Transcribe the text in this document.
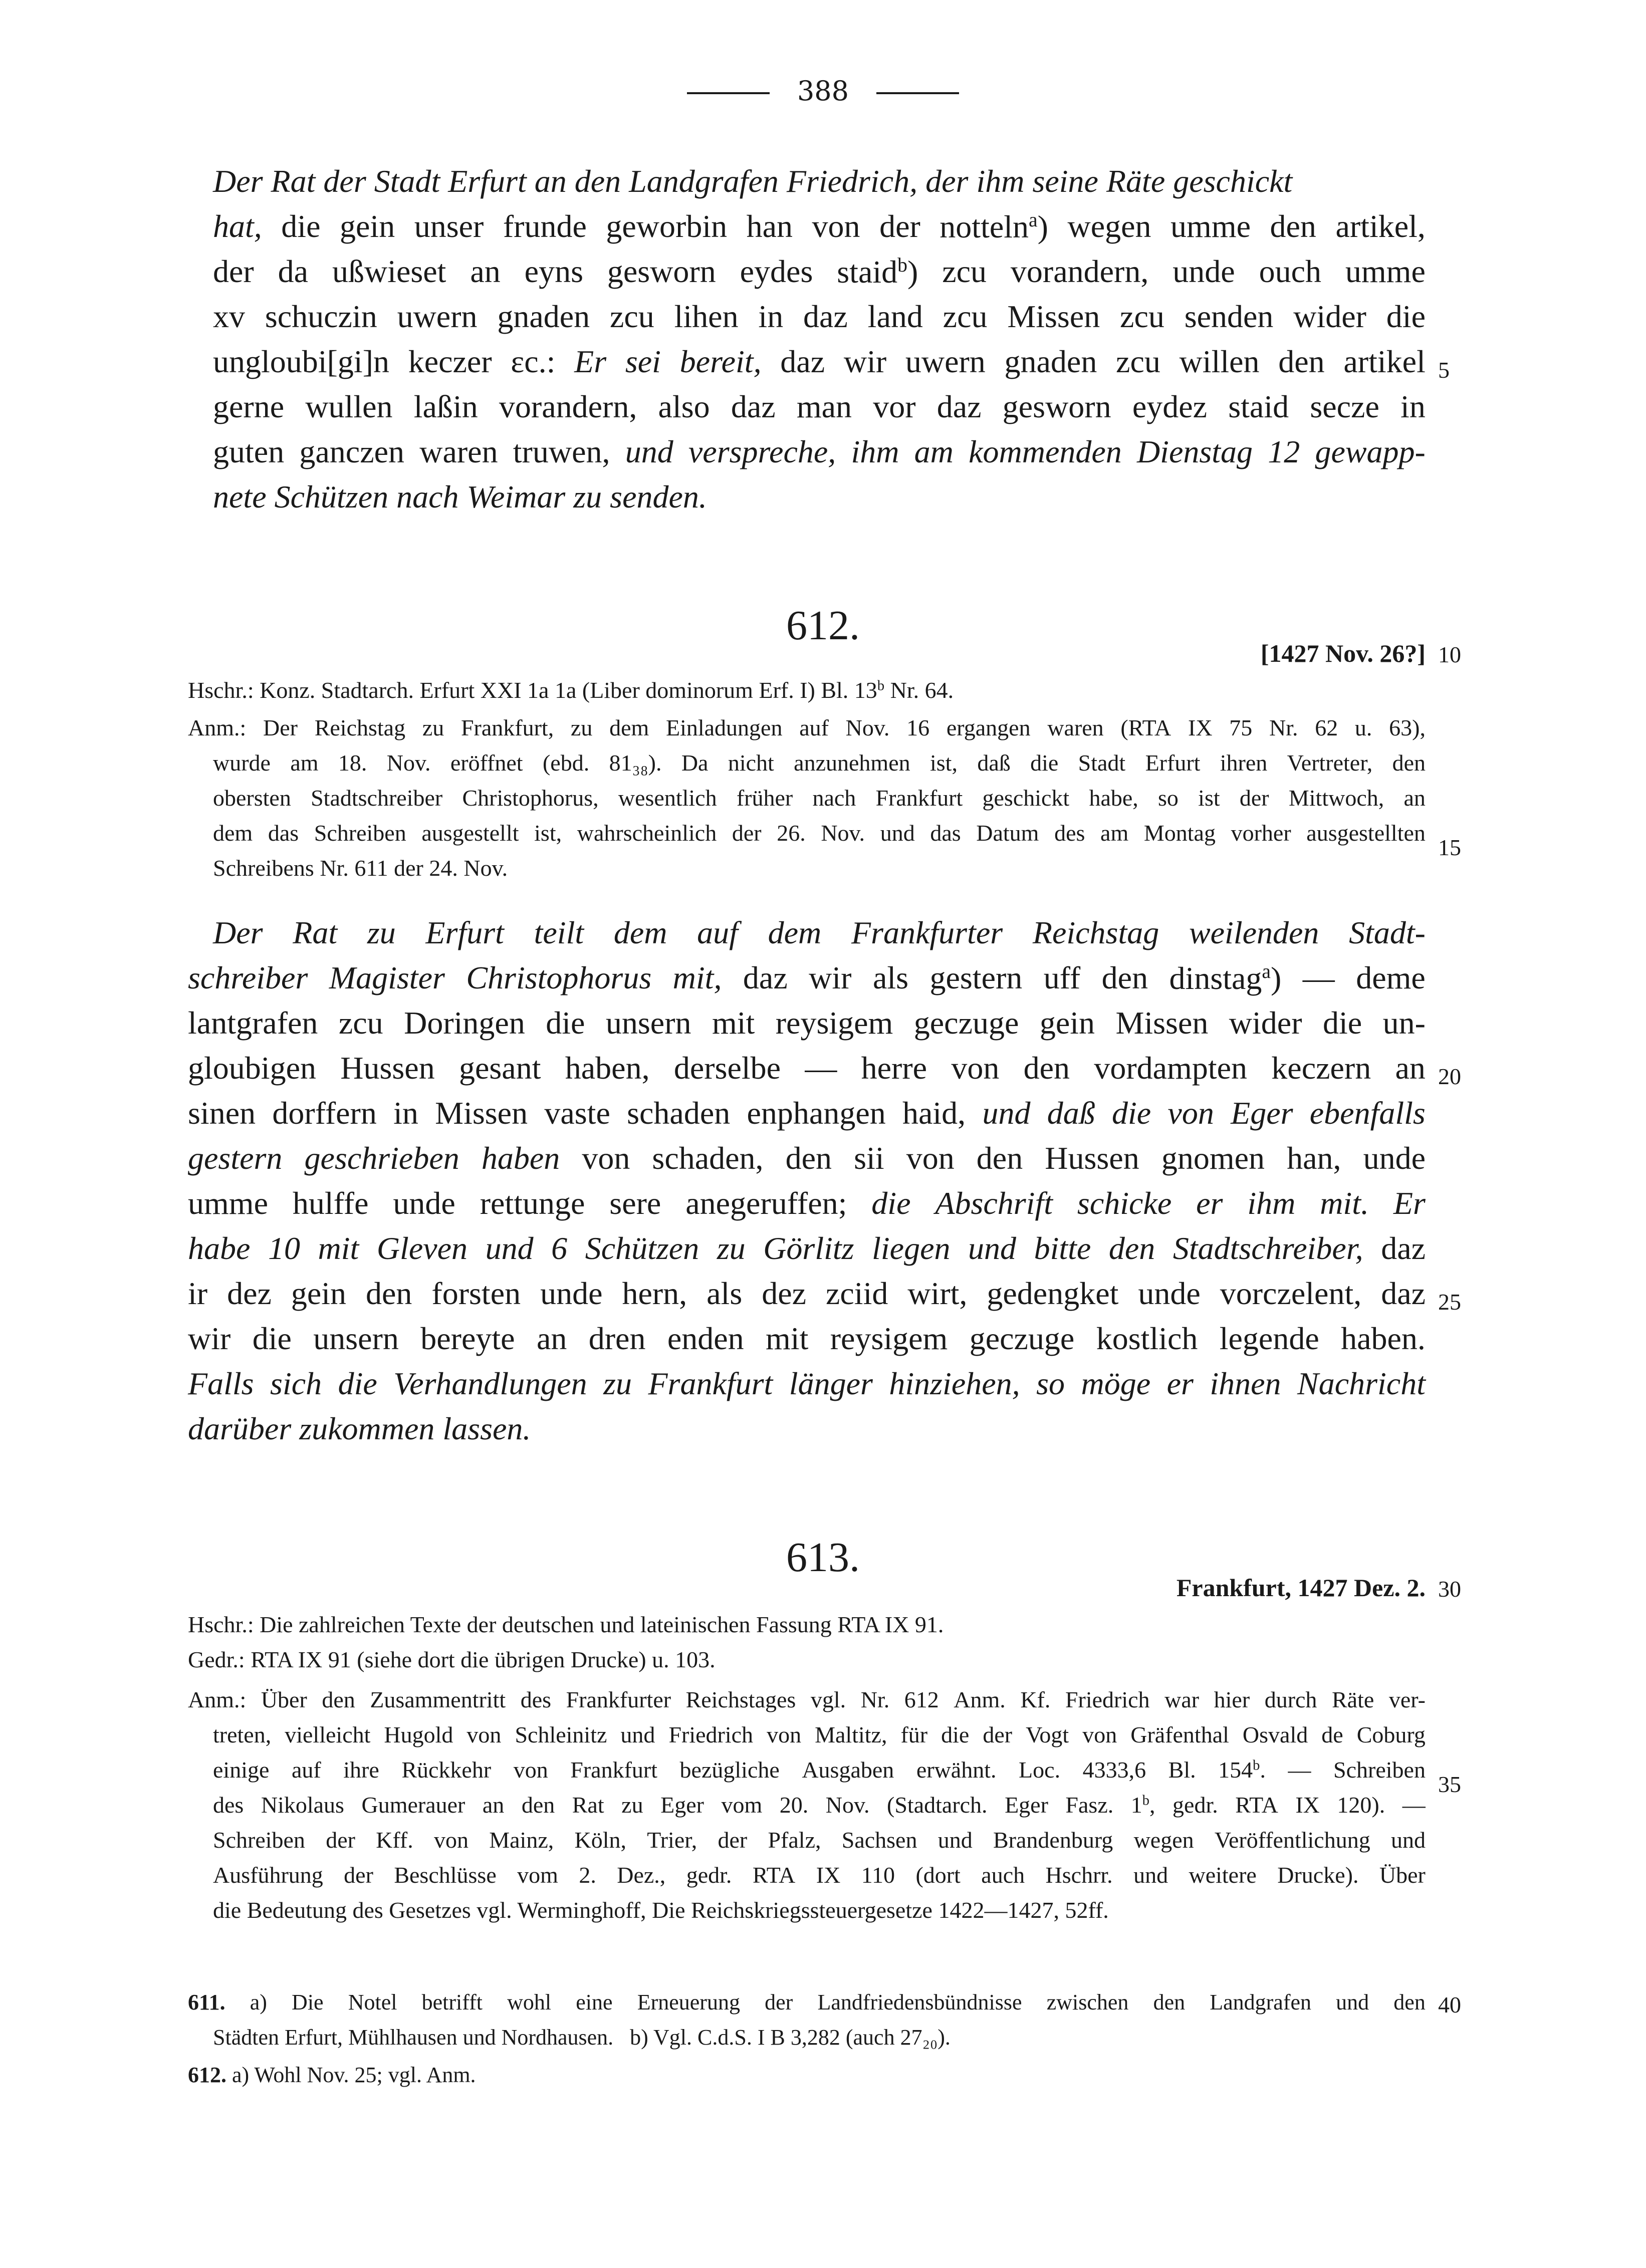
388
Der Rat der Stadt Erfurt an den Landgrafen Friedrich, der ihm seine Räte geschickt
hat, die gein unser frunde geworbin han von der notteln$^a$) wegen umme den artikel,
der da ußwieset an eyns gesworn eydes staid$^b$) zcu vorandern, unde ouch umme
xv schuczin uwern gnaden zcu lihen in daz land zcu Missen zcu senden wider die
ungloubi[gi]n keczer ɛc.: Er sei bereit, daz wir uwern gnaden zcu willen den artikel
gerne wullen laßin vorandern, also daz man vor daz gesworn eydez staid secze in
guten ganczen waren truwen, und verspreche, ihm am kommenden Dienstag 12 gewapp-
nete Schützen nach Weimar zu senden.
5
612.
[1427 Nov. 26?] 10
Hschr.: Konz. Stadtarch. Erfurt XXI 1a 1a (Liber dominorum Erf. I) Bl. 13$^b$ Nr. 64.
Anm.: Der Reichstag zu Frankfurt, zu dem Einladungen auf Nov. 16 ergangen waren (RTA IX 75 Nr. 62 u. 63),
wurde am 18. Nov. eröffnet (ebd. 81₃₈). Da nicht anzunehmen ist, daß die Stadt Erfurt ihren Vertreter, den
obersten Stadtschreiber Christophorus, wesentlich früher nach Frankfurt geschickt habe, so ist der Mittwoch, an
dem das Schreiben ausgestellt ist, wahrscheinlich der 26. Nov. und das Datum des am Montag vorher ausgestellten
Schreibens Nr. 611 der 24. Nov.
15
Der Rat zu Erfurt teilt dem auf dem Frankfurter Reichstag weilenden Stadt-
schreiber Magister Christophorus mit, daz wir als gestern uff den dinstag$^a$) — deme
lantgrafen zcu Doringen die unsern mit reysigem geczuge gein Missen wider die un-
gloubigen Hussen gesant haben, derselbe — herre von den vordampten keczern an
sinen dorffern in Missen vaste schaden enphangen haid, und daß die von Eger ebenfalls
gestern geschrieben haben von schaden, den sii von den Hussen gnomen han, unde
umme hulffe unde rettunge sere anegeruffen; die Abschrift schicke er ihm mit. Er
habe 10 mit Gleven und 6 Schützen zu Görlitz liegen und bitte den Stadtschreiber, daz
ir dez gein den forsten unde hern, als dez zciid wirt, gedengket unde vorczelent, daz
wir die unsern bereyte an dren enden mit reysigem geczuge kostlich legende haben.
Falls sich die Verhandlungen zu Frankfurt länger hinziehen, so möge er ihnen Nachricht
darüber zukommen lassen.
20
25
613.
Frankfurt, 1427 Dez. 2. 30
Hschr.: Die zahlreichen Texte der deutschen und lateinischen Fassung RTA IX 91.
Gedr.: RTA IX 91 (siehe dort die übrigen Drucke) u. 103.
Anm.: Über den Zusammentritt des Frankfurter Reichstages vgl. Nr. 612 Anm. Kf. Friedrich war hier durch Räte ver-
treten, vielleicht Hugold von Schleinitz und Friedrich von Maltitz, für die der Vogt von Gräfenthal Osvald de Coburg
einige auf ihre Rückkehr von Frankfurt bezügliche Ausgaben erwähnt. Loc. 4333,6 Bl. 154$^b$. — Schreiben
des Nikolaus Gumerauer an den Rat zu Eger vom 20. Nov. (Stadtarch. Eger Fasz. 1$^b$, gedr. RTA IX 120). —
Schreiben der Kff. von Mainz, Köln, Trier, der Pfalz, Sachsen und Brandenburg wegen Veröffentlichung und
Ausführung der Beschlüsse vom 2. Dez., gedr. RTA IX 110 (dort auch Hschrr. und weitere Drucke). Über
die Bedeutung des Gesetzes vgl. Werminghoff, Die Reichskriegssteuergesetze 1422—1427, 52ff.
35
611. a) Die Notel betrifft wohl eine Erneuerung der Landfriedensbündnisse zwischen den Landgrafen und den
Städten Erfurt, Mühlhausen und Nordhausen.   b) Vgl. C.d.S. I B 3,282 (auch 27₂₀).
612. a) Wohl Nov. 25; vgl. Anm.
40
